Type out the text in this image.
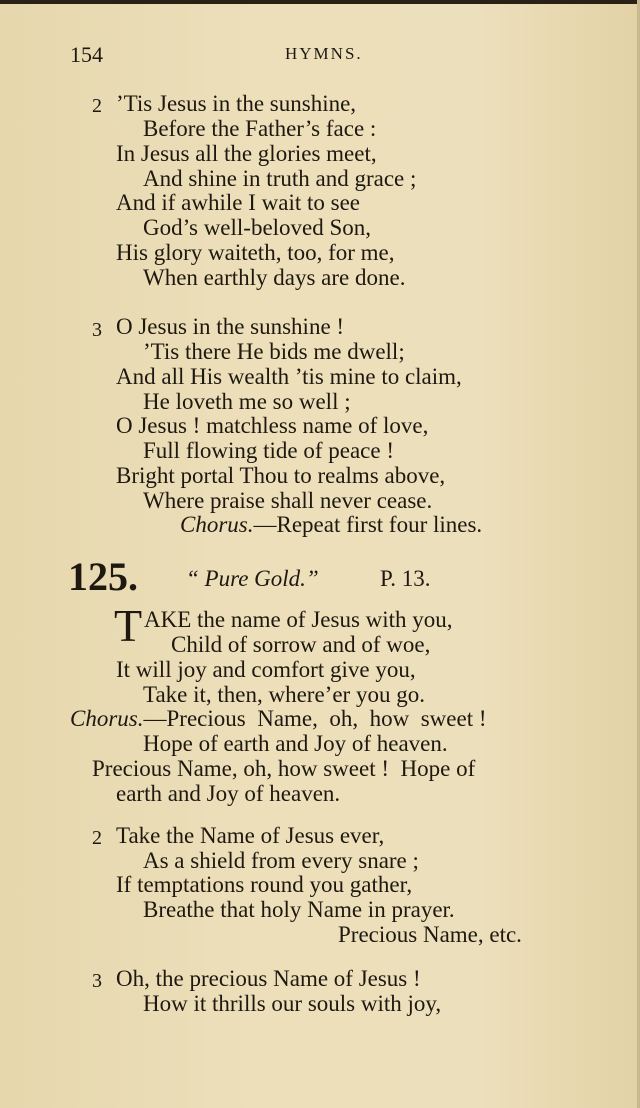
154	HYMNS.
2 ’Tis Jesus in the sunshine,
Before the Father’s face :
In Jesus all the glories meet,
And shine in truth and grace ;
And if awhile I wait to see
God’s well-beloved Son,
His glory waiteth, too, for me,
When earthly days are done.
3 O Jesus in the sunshine !
’Tis there He bids me dwell;
And all His wealth ’tis mine to claim,
He loveth me so well ;
O Jesus ! matchless name of love,
Full flowing tide of peace !
Bright portal Thou to realms above,
Where praise shall never cease.
Chorus.—Repeat first four lines.
125. “ Pure Gold.”	P. 13.
T AKE the name of Jesus with you,
Child of sorrow and of woe,
It will joy and comfort give you,
Take it, then, where’er you go.
Chorus.—Precious  Name,  oh,  how  sweet !
Hope of earth and Joy of heaven.
Precious Name, oh, how sweet !  Hope of
earth and Joy of heaven.
2 Take the Name of Jesus ever,
As a shield from every snare ;
If temptations round you gather,
Breathe that holy Name in prayer.
Precious Name, etc.
3 Oh, the precious Name of Jesus !
How it thrills our souls with joy,
